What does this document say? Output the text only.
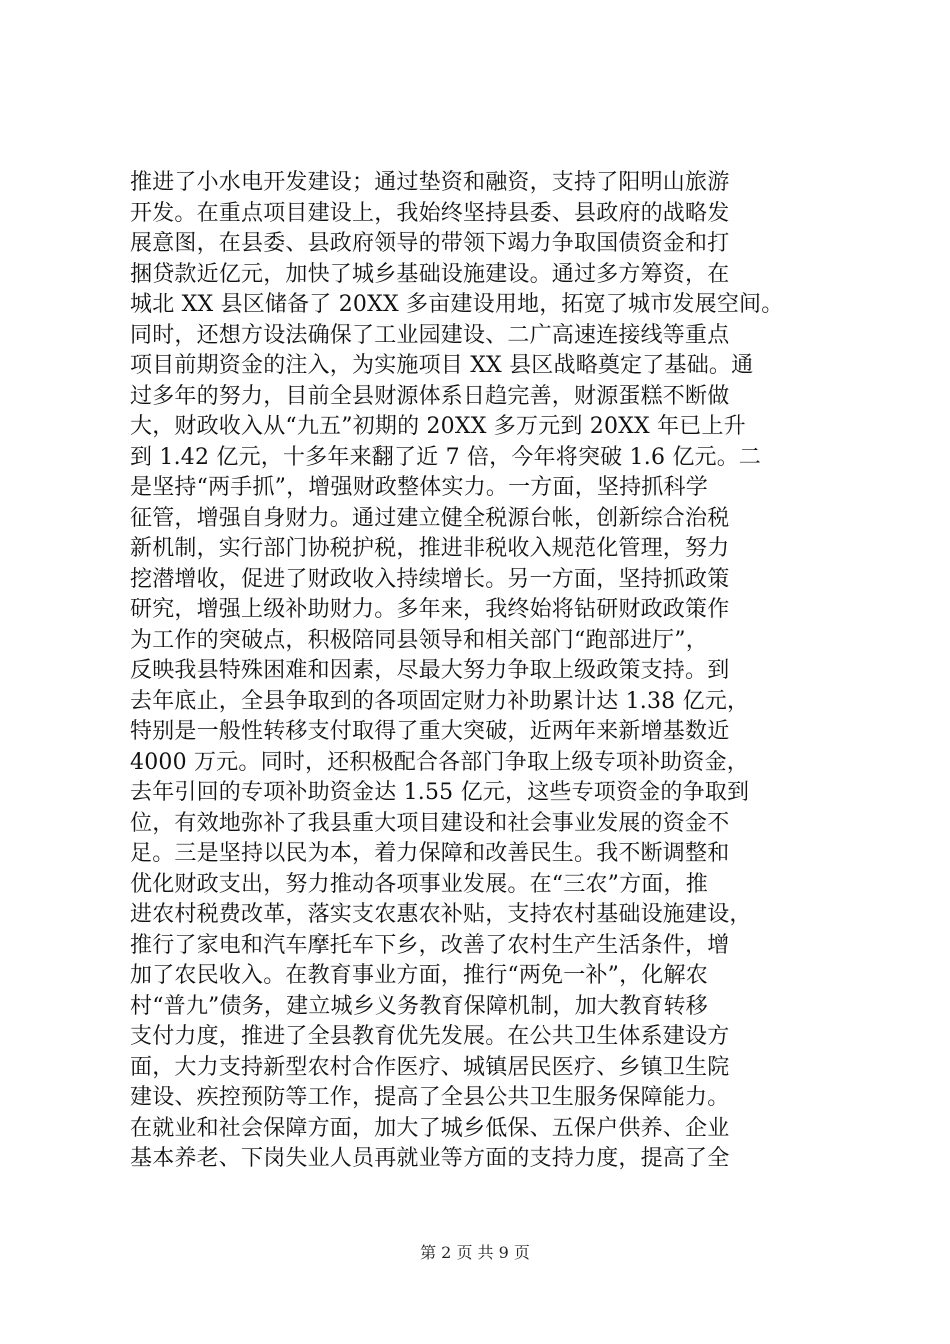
推进了小水电开发建设；通过垫资和融资，支持了阳明山旅游
开发。在重点项目建设上，我始终坚持县委、县政府的战略发
展意图，在县委、县政府领导的带领下竭力争取国债资金和打
捆贷款近亿元，加快了城乡基础设施建设。通过多方筹资，在
城北 XX 县区储备了 20XX 多亩建设用地，拓宽了城市发展空间。
同时，还想方设法确保了工业园建设、二广高速连接线等重点
项目前期资金的注入，为实施项目 XX 县区战略奠定了基础。通
过多年的努力，目前全县财源体系日趋完善，财源蛋糕不断做
大，财政收入从“九五”初期的 20XX 多万元到 20XX 年已上升
到 1.42 亿元，十多年来翻了近 7 倍，今年将突破 1.6 亿元。二
是坚持“两手抓”，增强财政整体实力。一方面，坚持抓科学
征管，增强自身财力。通过建立健全税源台帐，创新综合治税
新机制，实行部门协税护税，推进非税收入规范化管理，努力
挖潜增收，促进了财政收入持续增长。另一方面，坚持抓政策
研究，增强上级补助财力。多年来，我终始将钻研财政政策作
为工作的突破点，积极陪同县领导和相关部门“跑部进厅”，
反映我县特殊困难和因素，尽最大努力争取上级政策支持。到
去年底止，全县争取到的各项固定财力补助累计达 1.38 亿元，
特别是一般性转移支付取得了重大突破，近两年来新增基数近
4000 万元。同时，还积极配合各部门争取上级专项补助资金，
去年引回的专项补助资金达 1.55 亿元，这些专项资金的争取到
位，有效地弥补了我县重大项目建设和社会事业发展的资金不
足。三是坚持以民为本，着力保障和改善民生。我不断调整和
优化财政支出，努力推动各项事业发展。在“三农”方面，推
进农村税费改革，落实支农惠农补贴，支持农村基础设施建设，
推行了家电和汽车摩托车下乡，改善了农村生产生活条件，增
加了农民收入。在教育事业方面，推行“两免一补”，化解农
村“普九”债务，建立城乡义务教育保障机制，加大教育转移
支付力度，推进了全县教育优先发展。在公共卫生体系建设方
面，大力支持新型农村合作医疗、城镇居民医疗、乡镇卫生院
建设、疾控预防等工作，提高了全县公共卫生服务保障能力。
在就业和社会保障方面，加大了城乡低保、五保户供养、企业
基本养老、下岗失业人员再就业等方面的支持力度，提高了全
第 2 页 共 9 页
